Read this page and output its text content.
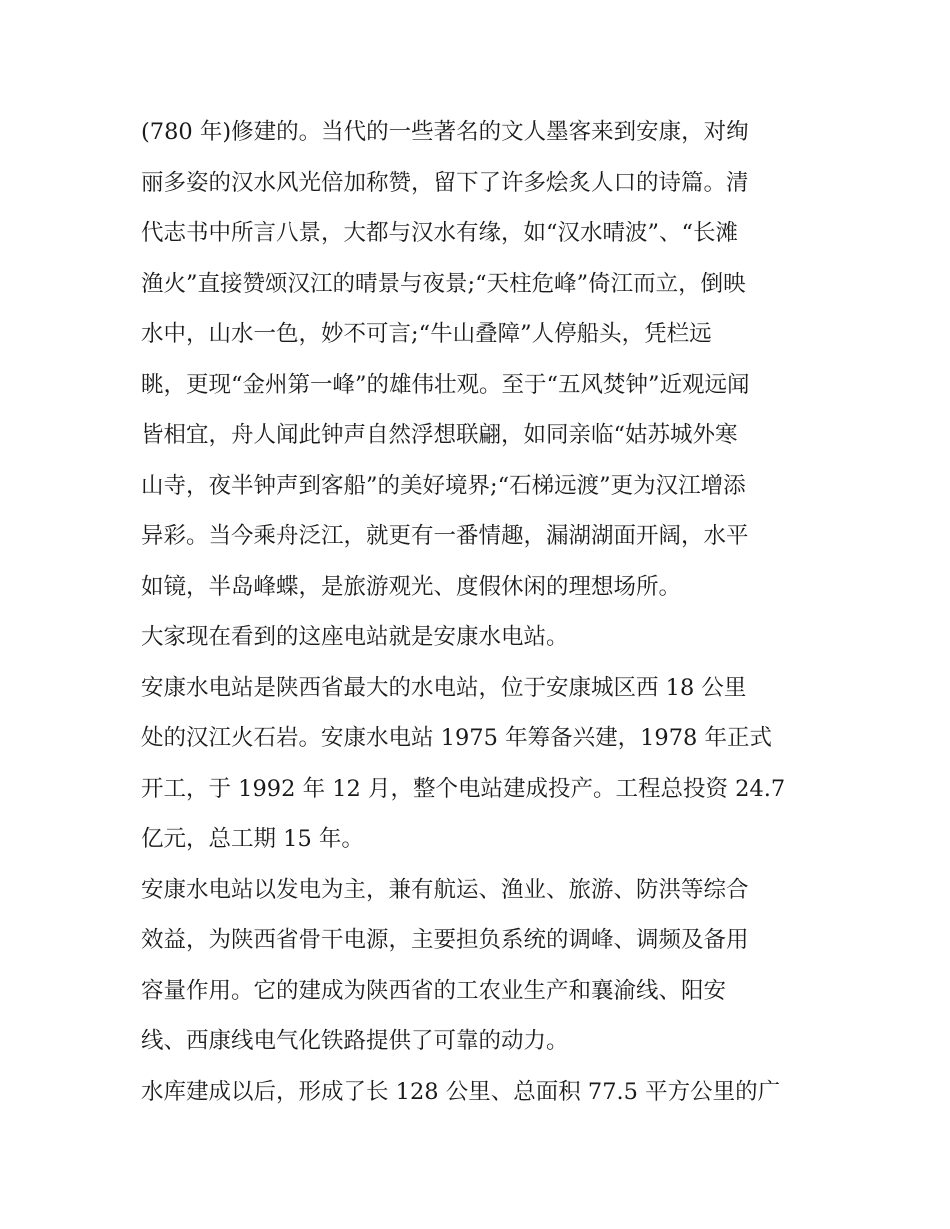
(780 年)修建的。当代的一些著名的文人墨客来到安康，对绚
丽多姿的汉水风光倍加称赞，留下了许多烩炙人口的诗篇。清
代志书中所言八景，大都与汉水有缘，如“汉水晴波”、“长滩
渔火”直接赞颂汉江的晴景与夜景;“天柱危峰”倚江而立，倒映
水中，山水一色，妙不可言;“牛山叠障”人停船头，凭栏远
眺，更现“金州第一峰”的雄伟壮观。至于“五风焚钟”近观远闻
皆相宜，舟人闻此钟声自然浮想联翩，如同亲临“姑苏城外寒
山寺，夜半钟声到客船”的美好境界;“石梯远渡”更为汉江增添
异彩。当今乘舟泛江，就更有一番情趣，漏湖湖面开阔，水平
如镜，半岛峰蝶，是旅游观光、度假休闲的理想场所。
大家现在看到的这座电站就是安康水电站。
安康水电站是陕西省最大的水电站，位于安康城区西 18 公里
处的汉江火石岩。安康水电站 1975 年筹备兴建，1978 年正式
开工，于 1992 年 12 月，整个电站建成投产。工程总投资 24.7
亿元，总工期 15 年。
安康水电站以发电为主，兼有航运、渔业、旅游、防洪等综合
效益，为陕西省骨干电源，主要担负系统的调峰、调频及备用
容量作用。它的建成为陕西省的工农业生产和襄渝线、阳安
线、西康线电气化铁路提供了可靠的动力。
水库建成以后，形成了长 128 公里、总面积 77.5 平方公里的广
